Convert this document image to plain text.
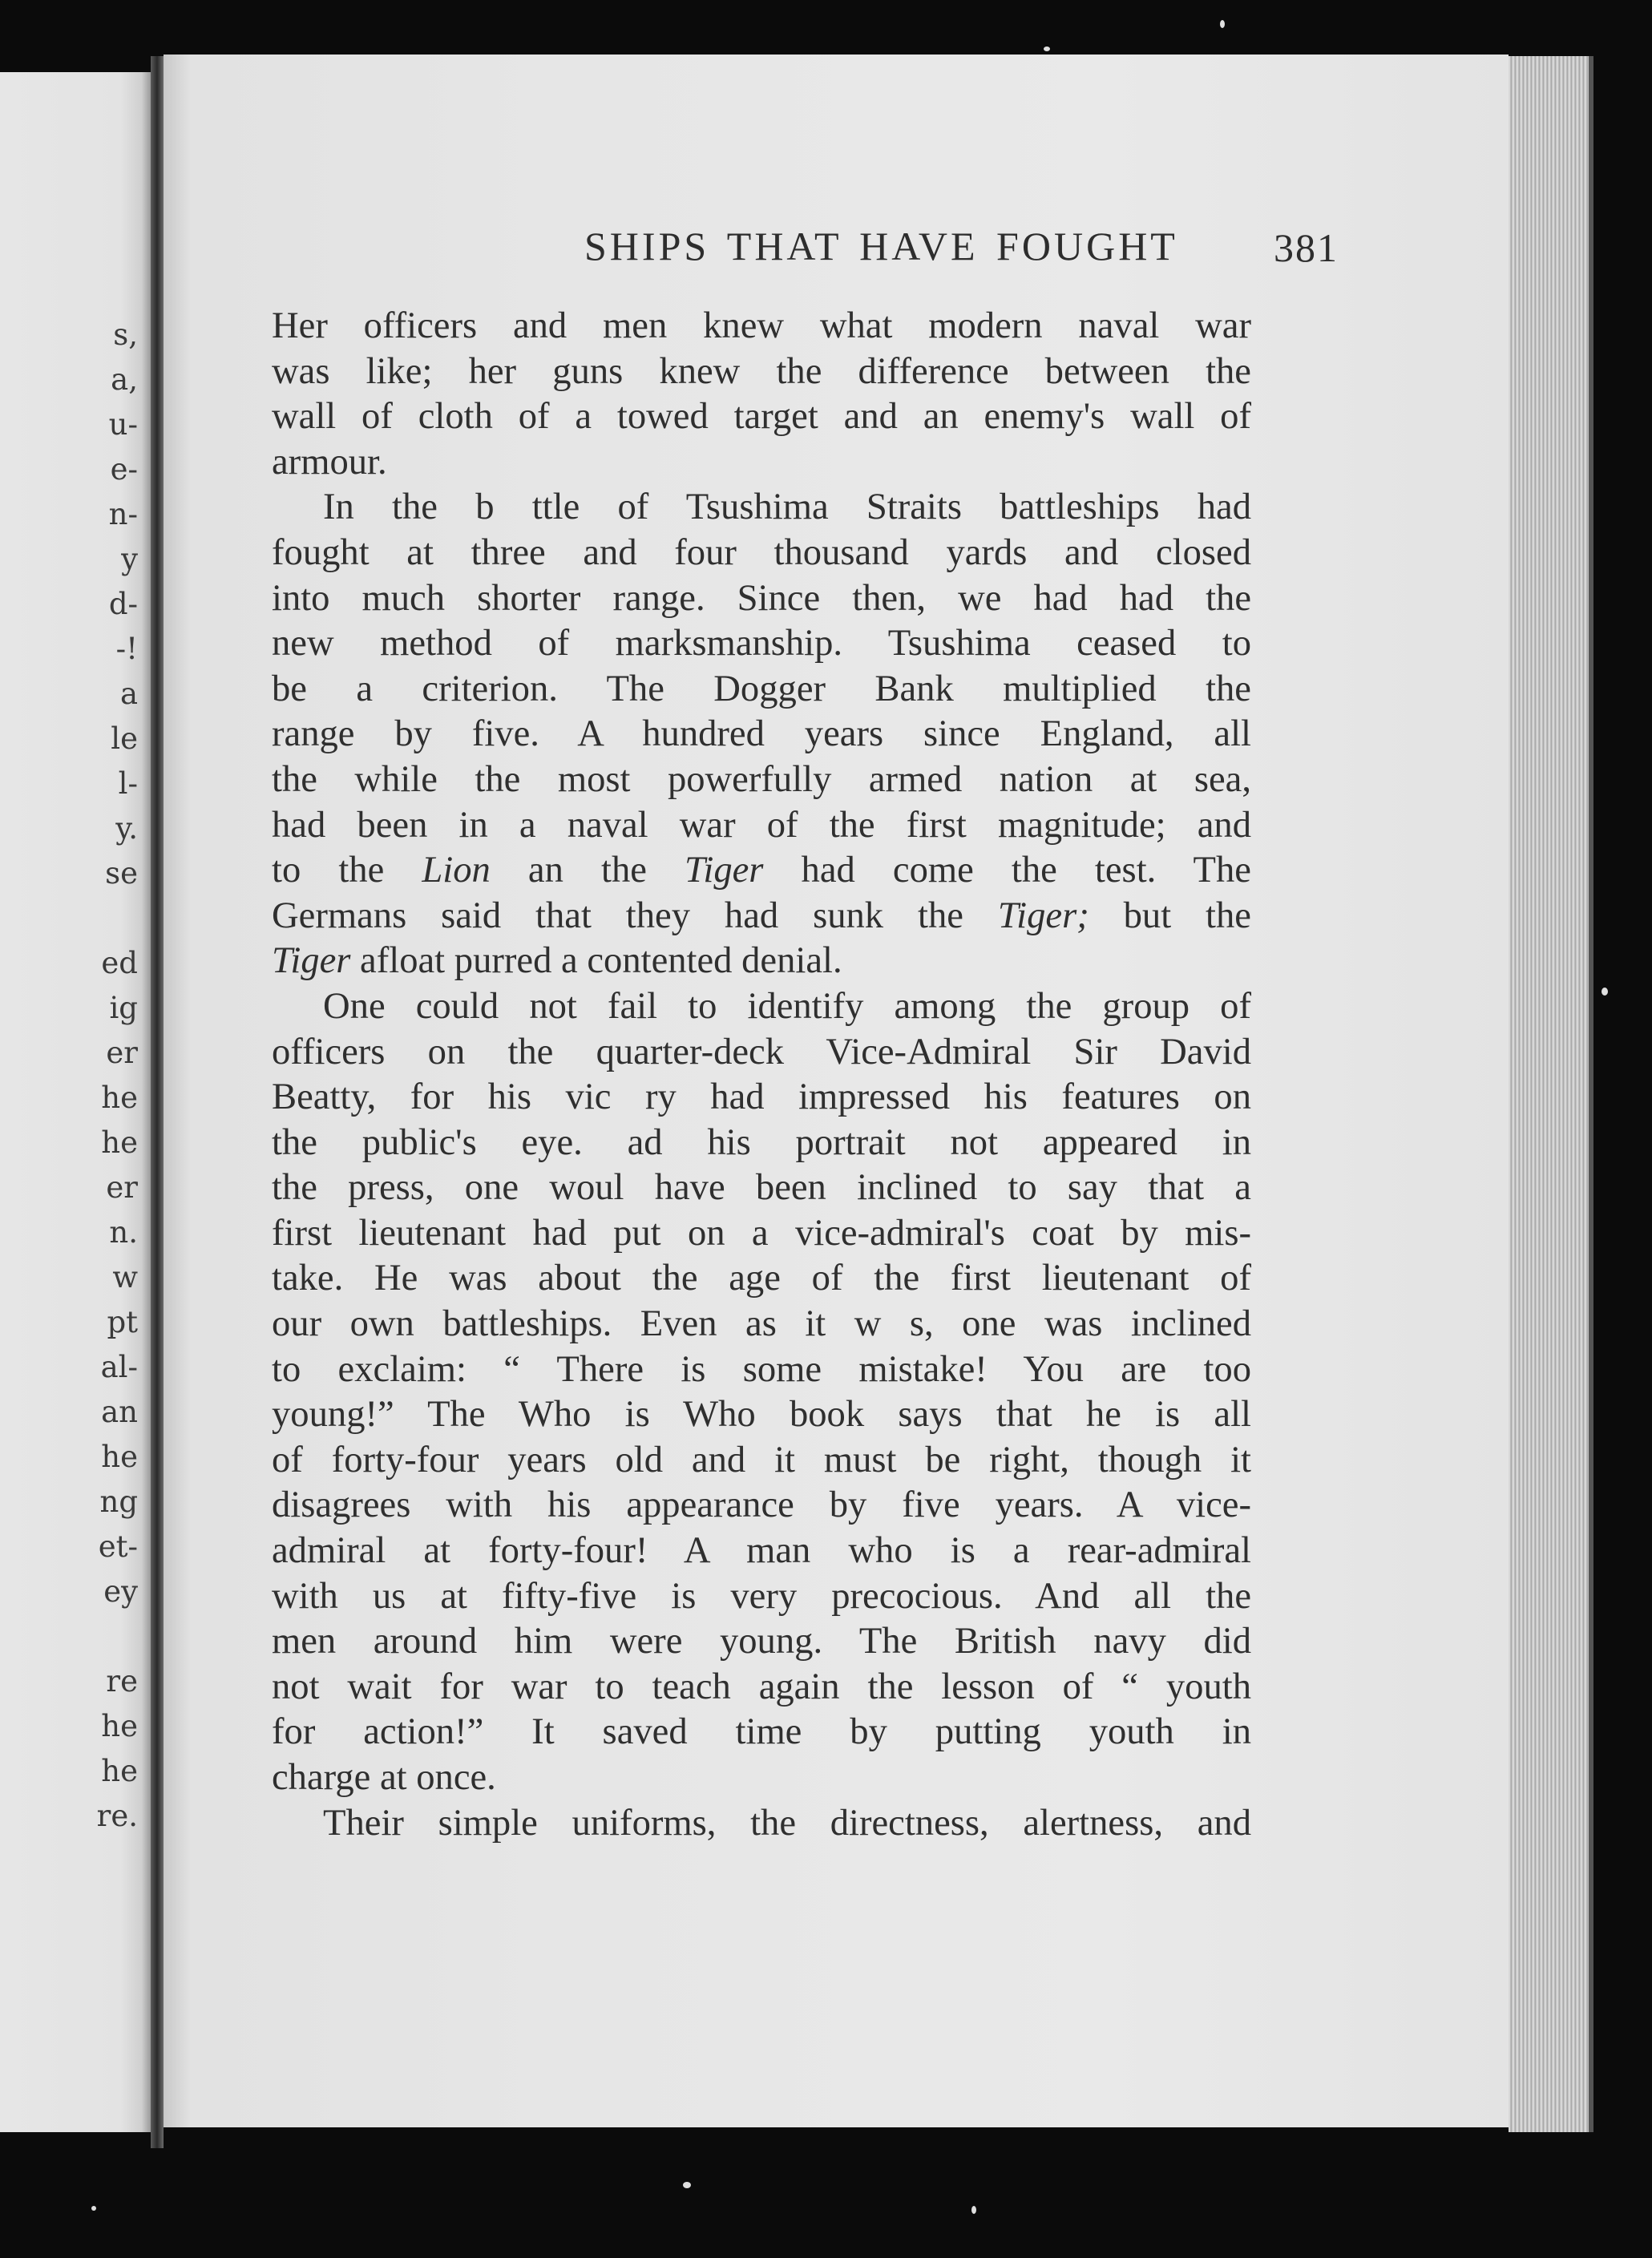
s,
a,
u-
e-
n-
y
d-
-!
a
le
l-
y.
se
ed
ig
er
he
he
er
n.
w
pt
al-
an
he
ng
et-
ey
re
he
he
re.
SHIPS THAT HAVE FOUGHT 381
Her officers and men knew what modern naval war
was like; her guns knew the difference between the
wall of cloth of a towed target and an enemy's wall of
armour.
In the b ttle of Tsushima Straits battleships had
fought at three and four thousand yards and closed
into much shorter range. Since then, we had had the
new method of marksmanship. Tsushima ceased to
be a criterion. The Dogger Bank multiplied the
range by five. A hundred years since England, all
the while the most powerfully armed nation at sea,
had been in a naval war of the first magnitude; and
to the Lion an the Tiger had come the test. The
Germans said that they had sunk the Tiger; but the
Tiger afloat purred a contented denial.
One could not fail to identify among the group of
officers on the quarter-deck Vice-Admiral Sir David
Beatty, for his vic ry had impressed his features on
the public's eye. ad his portrait not appeared in
the press, one woul have been inclined to say that a
first lieutenant had put on a vice-admiral's coat by mis-
take. He was about the age of the first lieutenant of
our own battleships. Even as it w s, one was inclined
to exclaim: “ There is some mistake! You are too
young!” The Who is Who book says that he is all
of forty-four years old and it must be right, though it
disagrees with his appearance by five years. A vice-
admiral at forty-four! A man who is a rear-admiral
with us at fifty-five is very precocious. And all the
men around him were young. The British navy did
not wait for war to teach again the lesson of “ youth
for action!” It saved time by putting youth in
charge at once.
Their simple uniforms, the directness, alertness, and
